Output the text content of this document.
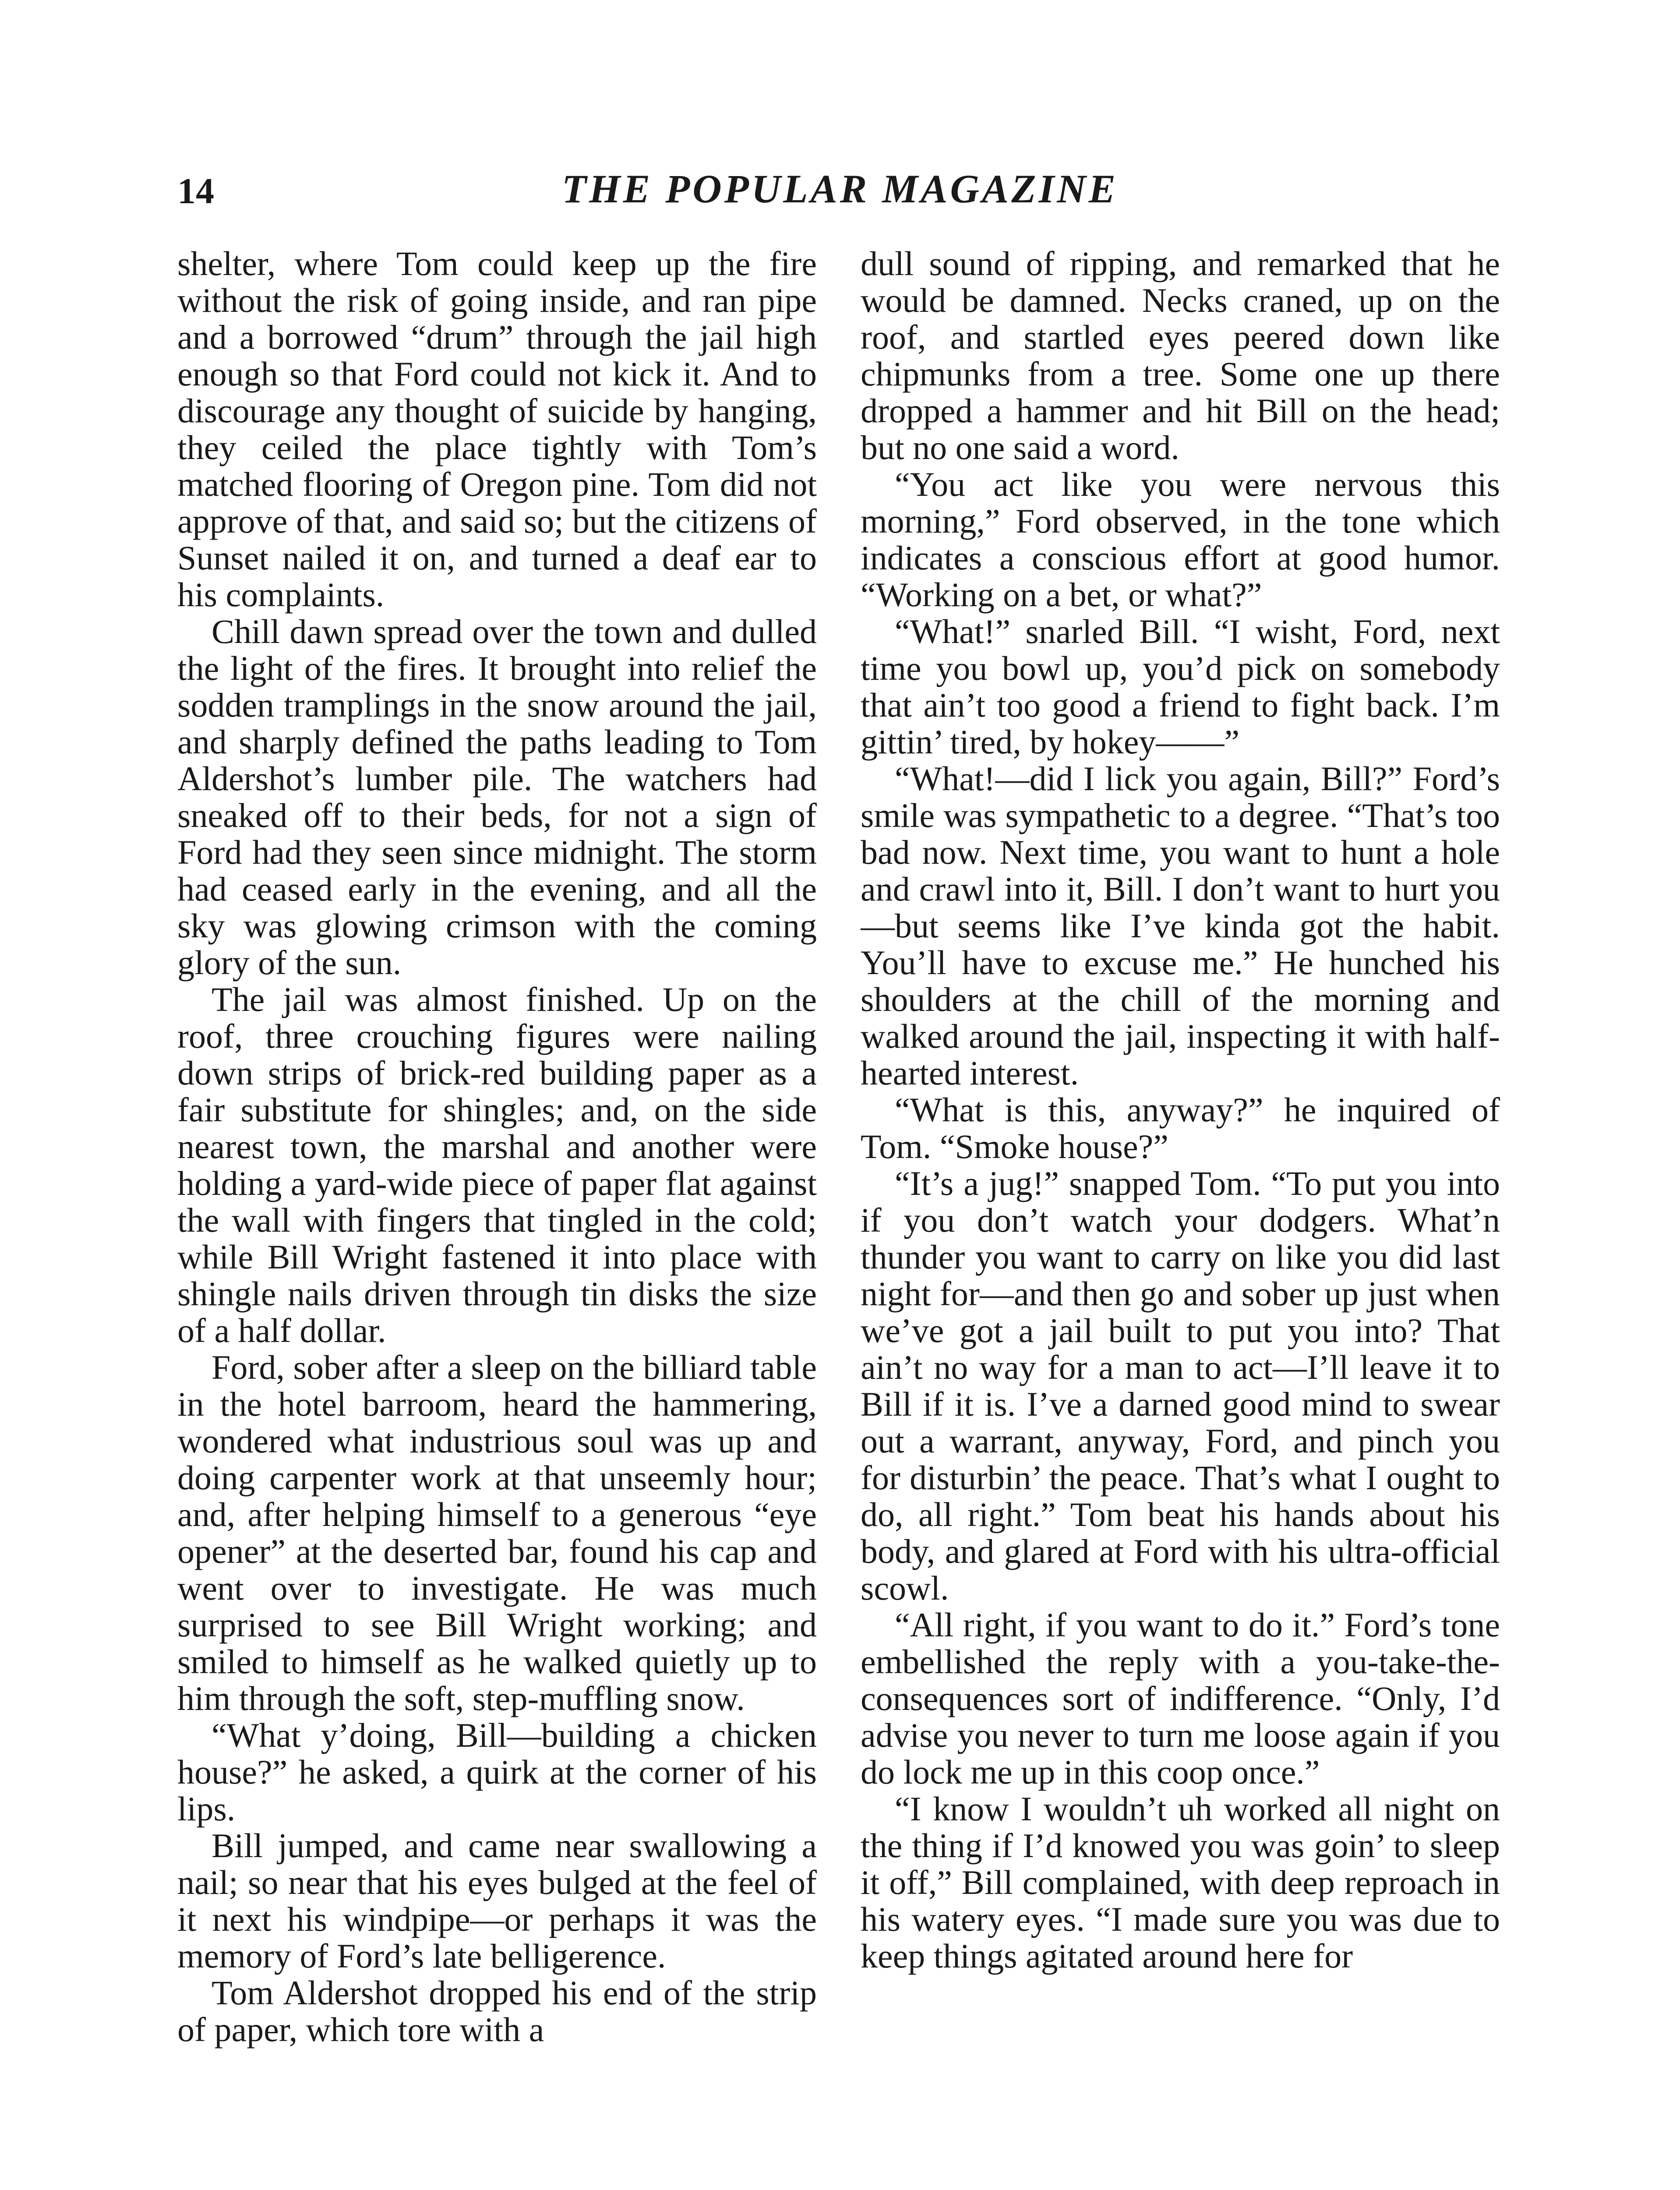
14	THE POPULAR MAGAZINE

shelter, where Tom could keep up the fire without the risk of going inside, and ran pipe and a borrowed “drum” through the jail high enough so that Ford could not kick it. And to discourage any thought of suicide by hanging, they ceiled the place tightly with Tom’s matched flooring of Oregon pine. Tom did not approve of that, and said so; but the citizens of Sunset nailed it on, and turned a deaf ear to his complaints.

Chill dawn spread over the town and dulled the light of the fires. It brought into relief the sodden tramplings in the snow around the jail, and sharply defined the paths leading to Tom Aldershot’s lumber pile. The watchers had sneaked off to their beds, for not a sign of Ford had they seen since midnight. The storm had ceased early in the evening, and all the sky was glowing crimson with the coming glory of the sun.

The jail was almost finished. Up on the roof, three crouching figures were nailing down strips of brick-red building paper as a fair substitute for shingles; and, on the side nearest town, the marshal and another were holding a yard-wide piece of paper flat against the wall with fingers that tingled in the cold; while Bill Wright fastened it into place with shingle nails driven through tin disks the size of a half dollar.

Ford, sober after a sleep on the billiard table in the hotel barroom, heard the hammering, wondered what industrious soul was up and doing carpenter work at that unseemly hour; and, after helping himself to a generous “eye opener” at the deserted bar, found his cap and went over to investigate. He was much surprised to see Bill Wright working; and smiled to himself as he walked quietly up to him through the soft, step-muffling snow.

“What y’doing, Bill—building a chicken house?” he asked, a quirk at the corner of his lips.

Bill jumped, and came near swallowing a nail; so near that his eyes bulged at the feel of it next his windpipe—or perhaps it was the memory of Ford’s late belligerence.

Tom Aldershot dropped his end of the strip of paper, which tore with a

dull sound of ripping, and remarked that he would be damned. Necks craned, up on the roof, and startled eyes peered down like chipmunks from a tree. Some one up there dropped a hammer and hit Bill on the head; but no one said a word.

“You act like you were nervous this morning,” Ford observed, in the tone which indicates a conscious effort at good humor. “Working on a bet, or what?”

“What!” snarled Bill. “I wisht, Ford, next time you bowl up, you’d pick on somebody that ain’t too good a friend to fight back. I’m gittin’ tired, by hokey——”

“What!—did I lick you again, Bill?” Ford’s smile was sympathetic to a degree. “That’s too bad now. Next time, you want to hunt a hole and crawl into it, Bill. I don’t want to hurt you—but seems like I’ve kinda got the habit. You’ll have to excuse me.” He hunched his shoulders at the chill of the morning and walked around the jail, inspecting it with half-hearted interest.

“What is this, anyway?” he inquired of Tom. “Smoke house?”

“It’s a jug!” snapped Tom. “To put you into if you don’t watch your dodgers. What’n thunder you want to carry on like you did last night for—and then go and sober up just when we’ve got a jail built to put you into? That ain’t no way for a man to act—I’ll leave it to Bill if it is. I’ve a darned good mind to swear out a warrant, anyway, Ford, and pinch you for disturbin’ the peace. That’s what I ought to do, all right.” Tom beat his hands about his body, and glared at Ford with his ultra-official scowl.

“All right, if you want to do it.” Ford’s tone embellished the reply with a you-take-the-consequences sort of indifference. “Only, I’d advise you never to turn me loose again if you do lock me up in this coop once.”

“I know I wouldn’t uh worked all night on the thing if I’d knowed you was goin’ to sleep it off,” Bill complained, with deep reproach in his watery eyes. “I made sure you was due to keep things agitated around here for
